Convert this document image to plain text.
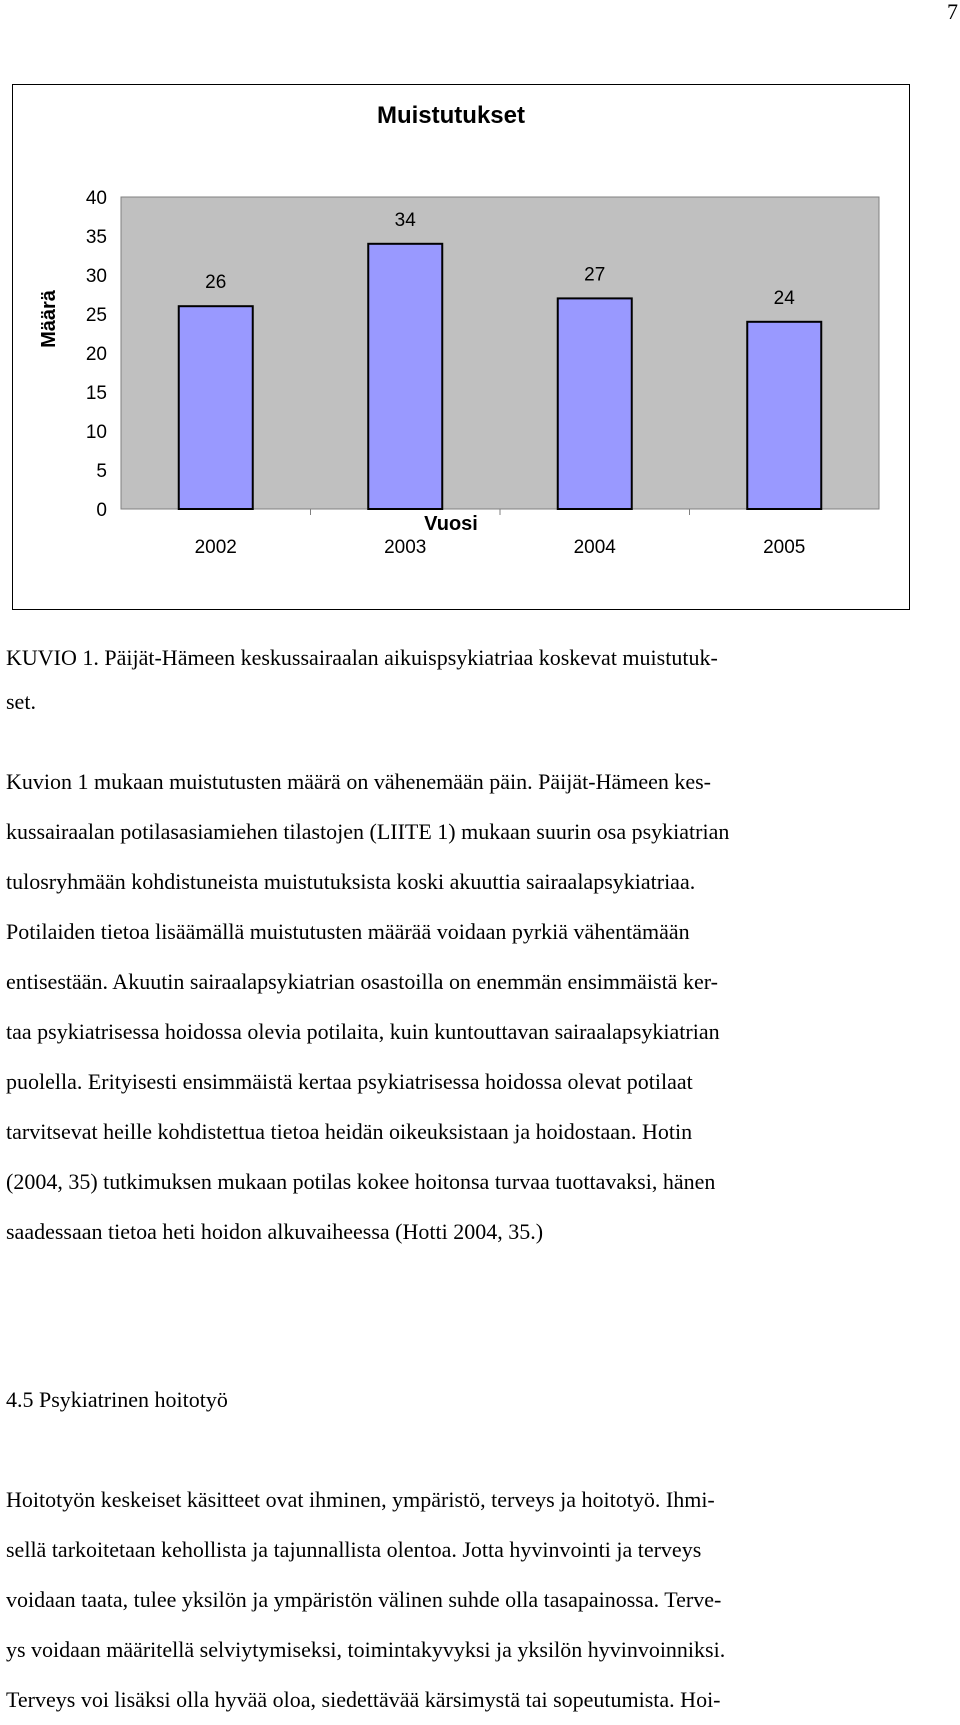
7
Muistutukset
Määrä
Vuosi
0
5
10
15
20
25
30
35
40
26
2002
34
2003
27
2004
24
2005
KUVIO 1. Päijät-Hämeen keskussairaalan aikuispsykiatriaa koskevat muistutuk-
set.
Kuvion 1 mukaan muistutusten määrä on vähenemään päin. Päijät-Hämeen kes-
kussairaalan potilasasiamiehen tilastojen (LIITE 1) mukaan suurin osa psykiatrian
tulosryhmään kohdistuneista muistutuksista koski akuuttia sairaalapsykiatriaa.
Potilaiden tietoa lisäämällä muistutusten määrää voidaan pyrkiä vähentämään
entisestään. Akuutin sairaalapsykiatrian osastoilla on enemmän ensimmäistä ker-
taa psykiatrisessa hoidossa olevia potilaita, kuin kuntouttavan sairaalapsykiatrian
puolella. Erityisesti ensimmäistä kertaa psykiatrisessa hoidossa olevat potilaat
tarvitsevat heille kohdistettua tietoa heidän oikeuksistaan ja hoidostaan. Hotin
(2004, 35) tutkimuksen mukaan potilas kokee hoitonsa turvaa tuottavaksi, hänen
saadessaan tietoa heti hoidon alkuvaiheessa (Hotti 2004, 35.)
4.5 Psykiatrinen hoitotyö
Hoitotyön keskeiset käsitteet ovat ihminen, ympäristö, terveys ja hoitotyö. Ihmi-
sellä tarkoitetaan kehollista ja tajunnallista olentoa. Jotta hyvinvointi ja terveys
voidaan taata, tulee yksilön ja ympäristön välinen suhde olla tasapainossa. Terve-
ys voidaan määritellä selviytymiseksi, toimintakyvyksi ja yksilön hyvinvoinniksi.
Terveys voi lisäksi olla hyvää oloa, siedettävää kärsimystä tai sopeutumista. Hoi-
